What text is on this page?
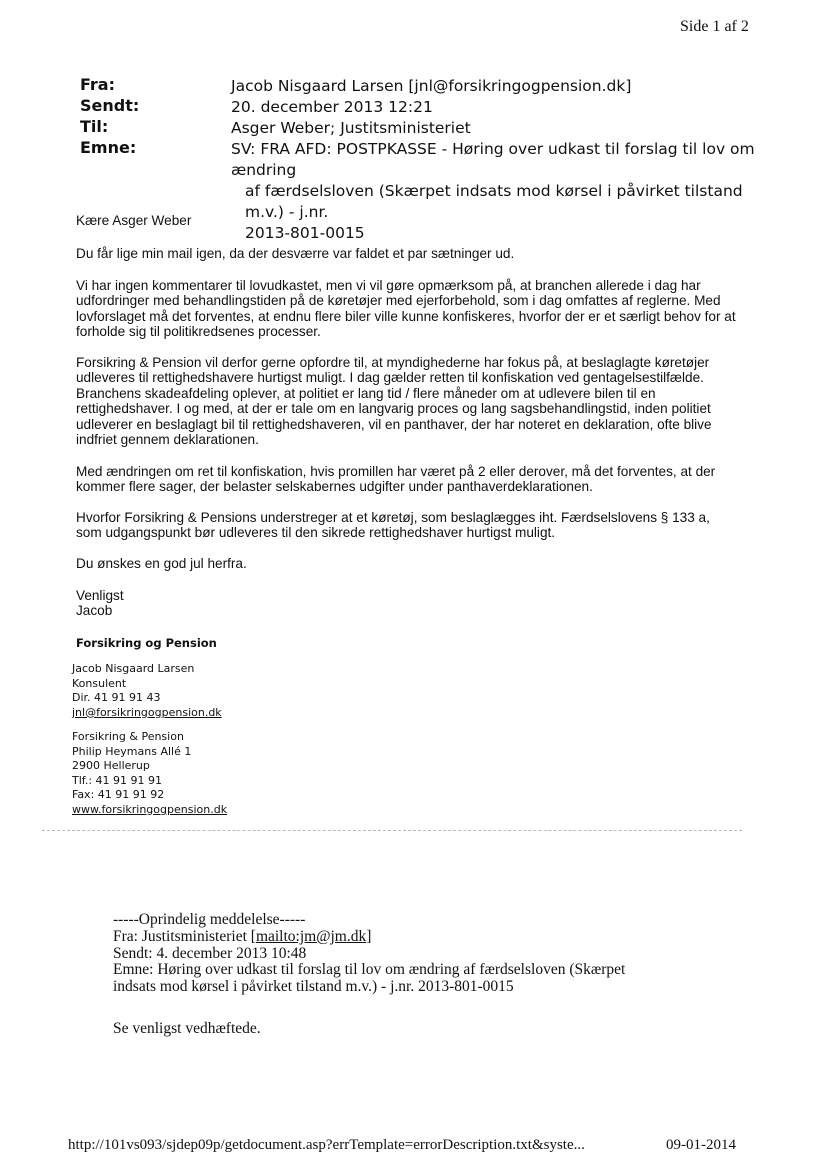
Side 1 af 2
Fra:	Jacob Nisgaard Larsen [jnl@forsikringogpension.dk]
Sendt:	20. december 2013 12:21
Til:	Asger Weber; Justitsministeriet
Emne:	SV: FRA AFD: POSTPKASSE - Høring over udkast til forslag til lov om ændring
af færdselsloven (Skærpet indsats mod kørsel i påvirket tilstand m.v.) - j.nr.
2013-801-0015
Kære Asger Weber
Du får lige min mail igen, da der desværre var faldet et par sætninger ud.
Vi har ingen kommentarer til lovudkastet, men vi vil gøre opmærksom på, at branchen allerede i dag har
udfordringer med behandlingstiden på de køretøjer med ejerforbehold, som i dag omfattes af reglerne. Med
lovforslaget må det forventes, at endnu flere biler ville kunne konfiskeres, hvorfor der er et særligt behov for at
forholde sig til politikredsenes processer.
Forsikring & Pension vil derfor gerne opfordre til, at myndighederne har fokus på, at beslaglagte køretøjer
udleveres til rettighedshavere hurtigst muligt. I dag gælder retten til konfiskation ved gentagelsestilfælde.
Branchens skadeafdeling oplever, at politiet er lang tid / flere måneder om at udlevere bilen til en
rettighedshaver. I og med, at der er tale om en langvarig proces og lang sagsbehandlingstid, inden politiet
udleverer en beslaglagt bil til rettighedshaveren, vil en panthaver, der har noteret en deklaration, ofte blive
indfriet gennem deklarationen.
Med ændringen om ret til konfiskation, hvis promillen har været på 2 eller derover, må det forventes, at der
kommer flere sager, der belaster selskabernes udgifter under panthaverdeklarationen.
Hvorfor Forsikring & Pensions understreger at et køretøj, som beslaglægges iht. Færdselslovens § 133 a,
som udgangspunkt bør udleveres til den sikrede rettighedshaver hurtigst muligt.
Du ønskes en god jul herfra.
Venligst
Jacob
Forsikring og Pension
Jacob Nisgaard Larsen
Konsulent
Dir. 41 91 91 43
jnl@forsikringogpension.dk
Forsikring & Pension
Philip Heymans Allé 1
2900 Hellerup
Tlf.: 41 91 91 91
Fax: 41 91 91 92
www.forsikringogpension.dk
-----Oprindelig meddelelse-----
Fra: Justitsministeriet [mailto:jm@jm.dk]
Sendt: 4. december 2013 10:48
Emne: Høring over udkast til forslag til lov om ændring af færdselsloven (Skærpet
indsats mod kørsel i påvirket tilstand m.v.) - j.nr. 2013-801-0015
Se venligst vedhæftede.
http://101vs093/sjdep09p/getdocument.asp?errTemplate=errorDescription.txt&syste...	09-01-2014
